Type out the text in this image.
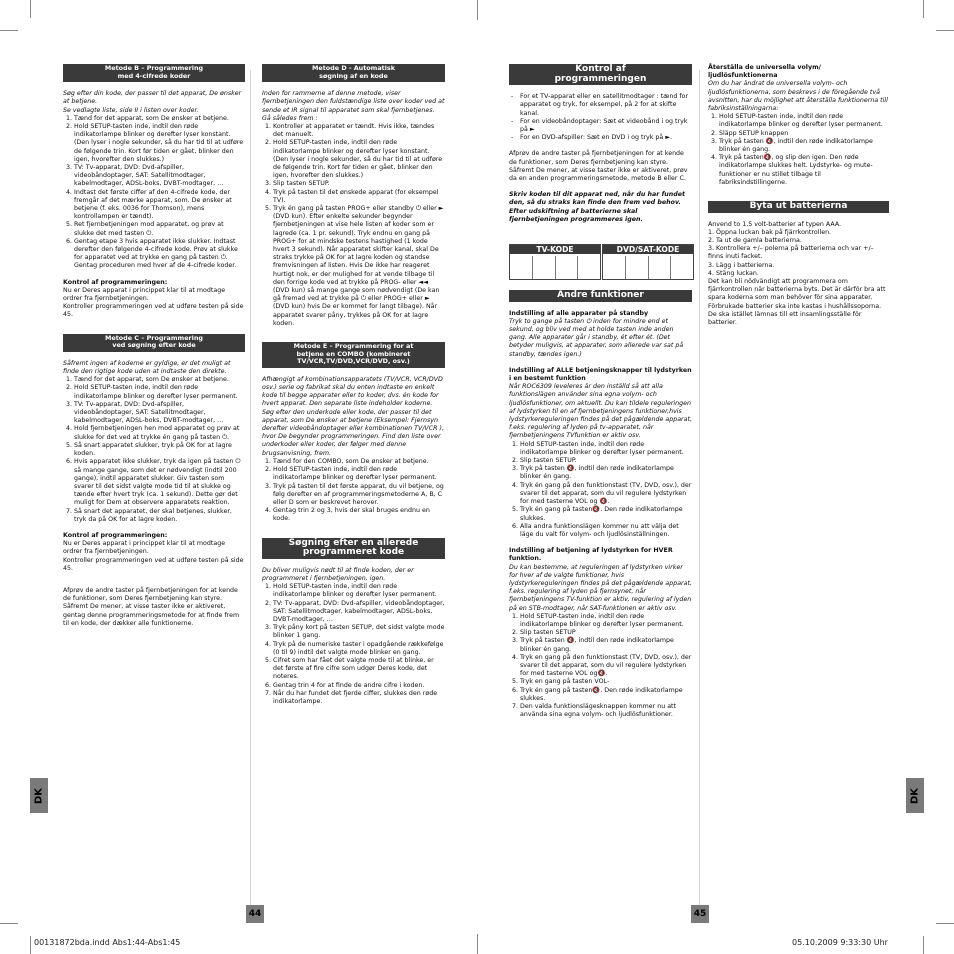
Metode B – Programmering
med 4-cifrede koder

Søg efter din kode, der passer til det apparat, De ønsker at betjene.
Se vedlagte liste, side II i listen over koder.

1. Tænd for det apparat, som De ønsker at betjene.
2. Hold SETUP-tasten inde, indtil den røde indikatorlampe blinker og derefter lyser konstant. (Den lyser i nogle sekunder, så du har tid til at udføre de følgende trin. Kort før tiden er gået, blinker den igen, hvorefter den slukkes.)
3. TV: Tv-apparat, DVD: Dvd-afspiller, videobåndoptager, SAT: Satellitmodtager, kabelmodtager, ADSL-boks, DVBT-modtager, …
4. Indtast det første ciffer af den 4-cifrede kode, der fremgår af det mærke apparat, som. De ønsker at betjene (f. eks. 0036 for Thomson), mens kontrollampen er tændt).
5. Ret fjernbetjeningen mod apparatet, og prøv at slukke det med tasten ⏻.
6. Gentag etape 3 hvis apparatet ikke slukker. Indtast derefter den følgende 4-cifrede kode. Prøv at slukke for apparatet ved at trykke en gang på tasten ⏻. Gentag proceduren med hver af de 4-cifrede koder.

Kontrol af programmeringen:

Nu er Deres apparat i princippet klar til at modtage ordrer fra fjernbetjeningen.
Kontroller programmeringen ved at udføre testen på side 45.

Metode C – Programmering
ved søgning efter kode

Såfremt ingen af koderne er gyldige, er det muligt at finde den rigtige kode uden at indtaste den direkte.

1. Tænd for det apparat, som De ønsker at betjene.
2. Hold SETUP-tasten inde, indtil den røde indikatorlampe blinker og derefter lyser permanent.
3. TV: Tv-apparat, DVD: Dvd-afspiller, videobåndoptager, SAT: Satellitmodtager, kabelmodtager, ADSL-boks, DVBT-modtager, …
4. Hold fjernbetjeningen hen mod apparatet og prøv at slukke for det ved at trykke én gang på tasten ⏻.
5. Så snart apparatet slukker, tryk på OK for at lagre koden.
6. Hvis apparatet ikke slukker, tryk da igen på tasten ⏻ så mange gange, som det er nødvendigt (indtil 200 gange), indtil apparatet slukker. Giv tasten som svarer til det sidst valgte mode tid til at slukke og tænde efter hvert tryk (ca. 1 sekund). Dette gør det muligt for Dem at observere apparatets reaktion.
7. Så snart det apparatet, der skal betjenes, slukker, tryk da på OK for at lagre koden.

Kontrol af programmeringen:

Nu er Deres apparat i princippet klar til at modtage ordrer fra fjernbetjeningen.
Kontroller programmeringen ved at udføre testen på side 45.

Afprøv de andre taster på fjernbetjeningen for at kende de funktioner, som Deres fjernbetjening kan styre. Såfremt De mener, at visse taster ikke er aktiveret, gentag denne programmeringsmetode for at finde frem til en kode, der dækker alle funktionerne.

Metode D - Automatisk
søgning af en kode

Inden for rammerne af denne metode, viser fjernbetjeningen den fuldstændige liste over koder ved at sende et IR signal til apparatet som skal fjernbetjenes. Gå således frem :

1. Kontroller at apparatet er tændt. Hvis ikke, tændes det manuelt.
2. Hold SETUP-tasten inde, indtil den røde indikatorlampe blinker og derefter lyser konstant. (Den lyser i nogle sekunder, så du har tid til at udføre de følgende trin. Kort før tiden er gået, blinker den igen, hvorefter den slukkes.)
3. Slip tasten SETUP.
4. Tryk på tasten til det ønskede apparat (for eksempel TV).
5. Tryk én gang på tasten PROG+ eller standby ⏻ eller ► (DVD kun). Efter enkelte sekunder begynder fjernbetjeningen at vise hele listen af koder som er lagrede (ca. 1 pr. sekund). Tryk endnu en gang på PROG+ for at mindske testens hastighed (1 kode hvert 3 sekund). Når apparatet skifter kanal, skal De straks trykke på OK for at lagre koden og standse fremvisningen af listen. Hvis De ikke har reageret hurtigt nok, er der mulighed for at vende tilbage til den forrige kode ved at trykke på PROG- eller ◄◄ (DVD kun) så mange gange som nødvendigt (De kan gå fremad ved at trykke på ⏻ eller PROG+ eller ► (DVD kun) hvis De er kommet for langt tilbage). Når apparatet svarer påny, trykkes på OK for at lagre koden.
Metode E – Programmering for at
betjene en COMBO (kombineret
TV/VCR,TV/DVD,VCR/DVD, osv.)

Afhængigt af kombinationsapparatets (TV/VCR, VCR/DVD osv.) serie og fabrikat skal du enten indtaste en enkelt kode til begge apparater eller to koder, dvs. én kode for hvert apparat. Den separate liste indeholder koderne.
Søg efter den underkode eller kode, der passer til det apparat, som De ønsker at betjene (Eksempel: Fjernsyn derefter videobåndoptager eller kombinationen TV/VCR ), hvor De begynder programmeringen. Find den liste over underkoder eller koder, der følger med denne brugsanvisning, frem.

1. Tænd for den COMBO, som De ønsker at betjene.
2. Hold SETUP-tasten inde, indtil den røde indikatorlampe blinker og derefter lyser permanent.
3. Tryk på tasten til det første apparat, du vil betjene, og følg derefter en af programmeringsmetoderne A, B, C eller D som er beskrevet herover.
4. Gentag trin 2 og 3, hvis der skal bruges endnu en kode.
Søgning efter en allerede
programmeret kode

Du bliver muligvis nødt til at finde koden, der er programmeret i fjernbetjeningen, igen.

1. Hold SETUP-tasten inde, indtil den røde indikatorlampe blinker og derefter lyser permanent.
2. TV: Tv-apparat, DVD: Dvd-afspiller, videobåndoptager, SAT: Satellitmodtager, kabelmodtager, ADSL-boks, DVBT-modtager, …
3. Tryk påny kort på tasten SETUP, det sidst valgte mode blinker 1 gang.
4. Tryk på de numeriske taster i opadgående rækkefølge (0 til 9) indtil det valgte mode blinker en gang.
5. Cifret som har fået det valgte mode til at blinke, er det første af fire cifre som udgør Deres kode, det noteres.
6. Gentag trin 4 for at finde de andre cifre i koden.
7. Når du har fundet det fjerde ciffer, slukkes den røde indikatorlampe.
Kontrol af
programmeringen
- For et TV-apparat eller en satellitmodtager : tænd for apparatet og tryk, for eksempel, på 2 for at skifte kanal.
- For en videobåndoptager: Sæt et videobånd i og tryk på ►
- For en DVD-afspiller: Sæt en DVD i og tryk på ►.

Afprøv de andre taster på fjernbetjeningen for at kende de funktioner, som Deres fjernbetjening kan styre. Såfremt De mener, at visse taster ikke er aktiveret, prøv da en anden programmeringsmetode, metode B eller C.

Skriv koden til dit apparat ned, når du har fundet den, så du straks kan finde den frem ved behov.
Efter udskiftning af batterierne skal fjernbetjeningen programmeres igen.

TV-KODE	DVD/SAT-KODE
Andre funktioner

Indstilling af alle apparater på standby

Tryk to gange på tasten ⏻ inden for mindre end et sekund, og bliv ved med at holde tasten inde anden gang. Alle apparater går i standby, ét efter ét. (Det betyder muligvis, at apparater, som allerede var sat på standby, tændes igen.)

Indstilling af ALLE betjeningsknapper til lydstyrken i en bestemt funktion

Når ROC6309 leveleres är den inställd så att alla funktionslägen använder sina egna volym- och ljudlösfunktioner, om aktuellt. Du kan tildele reguleringen af lydstyrken til en af fjernbetjeningens funktioner,hvis lydstyrkereguleringen findes på det pågældende apparat, f.eks. regulering af lyden på tv-apparatet, når fjernbetjeningens TVfunktion er aktiv osv.

1. Hold SETUP-tasten inde, indtil den røde indikatorlampe blinker og derefter lyser permanent.
2. Slip tasten SETUP.
3. Tryk på tasten 🔇, indtil den røde indikatorlampe blinker én gang.
4. Tryk én gang på den funktionstast (TV, DVD, osv.), der svarer til det apparat, som du vil regulere lydstyrken for med tasterne VOL og 🔇.
5. Tryk én gang på tasten🔇. Den røde indikatorlampe slukkes.
6. Alla andra funktionslägen kommer nu att välja det läge du valt för volym- och ljudlösinställningen.

Indstilling af betjening af lydstyrken for HVER funktion.

Du kan bestemme, at reguleringen af lydstyrken virker for hver af de valgte funktioner, hvis lydstyrkereguleringen findes på det pågældende apparat, f.eks. regulering af lyden på fjernsynet, når fjernbetjeningens TV-funktion er aktiv, regulering af lyden på en STB-modtager, når SAT-funktionen er aktiv osv.

1. Hold SETUP-tasten inde, indtil den røde indikatorlampe blinker og derefter lyser permanent.
2. Slip tasten SETUP
3. Tryk på tasten 🔇, indtil den røde indikatorlampe blinker én gang.
4. Tryk en gang på den funktionstast (TV, DVD, osv.), der svarer til det apparat, som du vil regulere lydstyrken for med tasterne VOL og🔇.
5. Tryk en gang på tasten VOL-
6. Tryk én gang på tasten🔇. Den røde indikatorlampe slukkes.
7. Den valda funktionslägesknappen kommer nu att använda sina egna volym- och ljudlösfunktioner.

Återställa de universella volym/ ljudlösfunktionerna

Om du har ändrat de universella volym- och ljudlösfunktionerna, som beskrevs i de föregående två avsnitten, har du möjlighet att återställa funktionerna till fabriksinställningarna:

1. Hold SETUP-tasten inde, indtil den røde indikatorlampe blinker og derefter lyser permanent.
2. Släpp SETUP knappen
3. Tryk på tasten 🔇, indtil den røde indikatorlampe blinker én gang.
4. Tryk på tasten🔇, og slip den igen. Den røde indikatorlampe slukkes helt. Lydstyrke- og mute-funktioner er nu stillet tilbage til fabriksindstillingerne.
Byta ut batterierna

Anvend to 1,5 volt-batterier af typen AAA.
1. Öppna luckan bak på fjärrkontrollen.
2. Ta ut de gamla batterierna.
3. Kontrollera +/– polerna på batterierna och var +/– finns inuti facket.
3. Lägg i batterierna.
4. Stäng luckan.
Det kan bli nödvändigt att programmera om fjärrkontrollen när batterierna byts. Det är därför bra att spara koderna som man behöver för sina apparater.
Förbrukade batterier ska inte kastas i hushållssoporna. De ska istället lämnas till ett insamlingsställe för batterier.

DK	DK
44	45
00131872bda.indd Abs1:44-Abs1:45	05.10.2009 9:33:30 Uhr
